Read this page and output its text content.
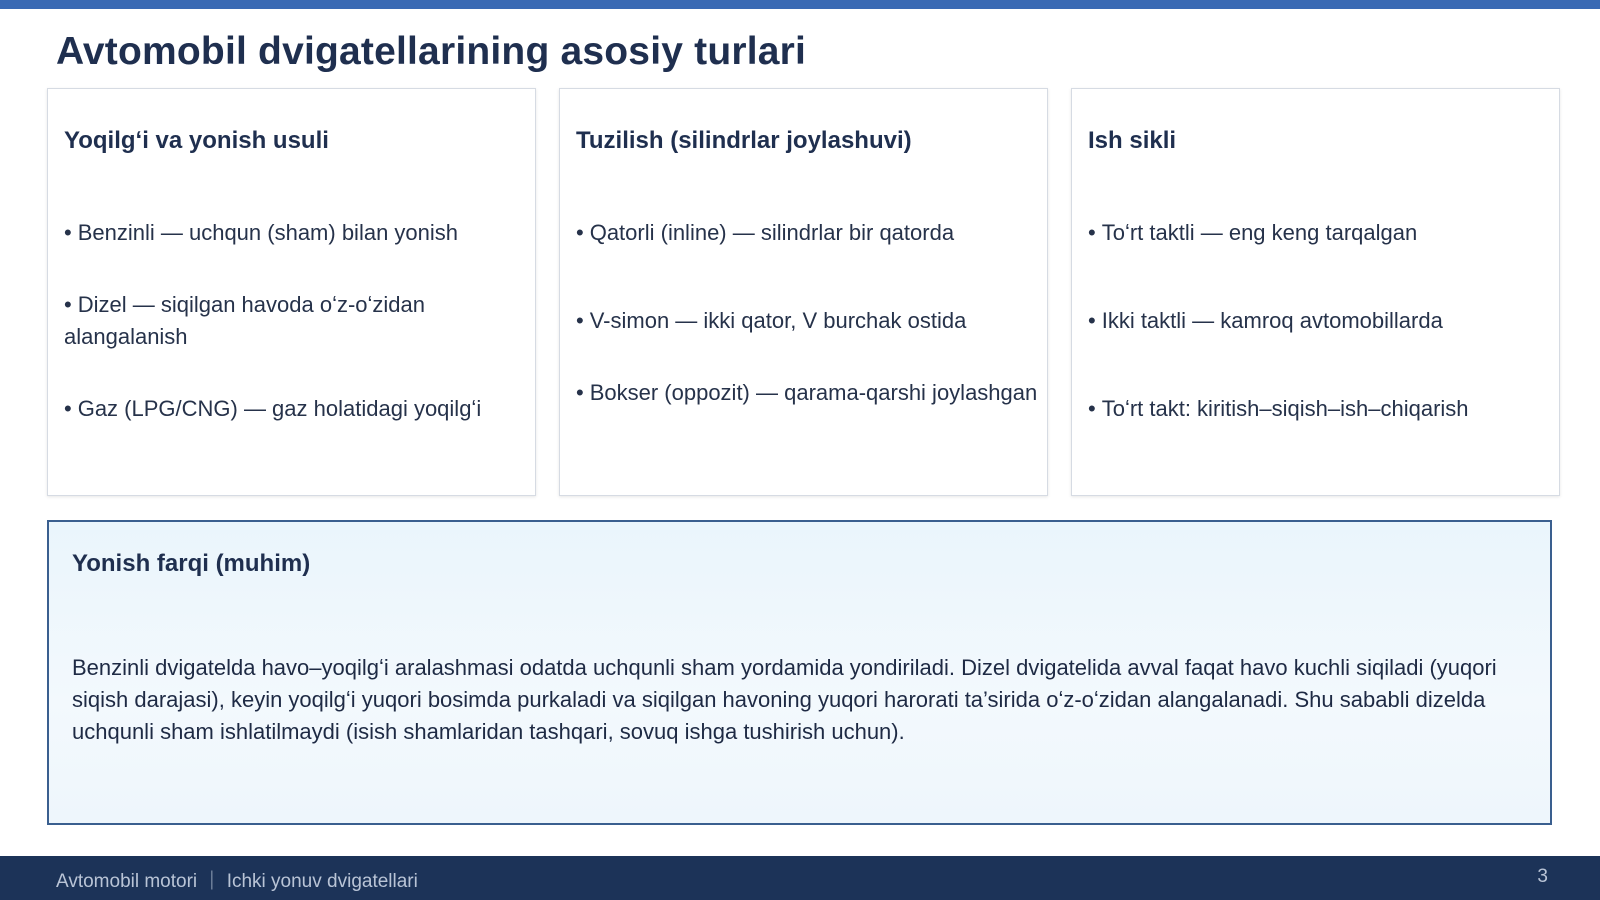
Avtomobil dvigatellarining asosiy turlari
Yoqilgʻi va yonish usuli
• Benzinli — uchqun (sham) bilan yonish
• Dizel — siqilgan havoda oʻz-oʻzidan alangalanish
• Gaz (LPG/CNG) — gaz holatidagi yoqilgʻi
Tuzilish (silindrlar joylashuvi)
• Qatorli (inline) — silindrlar bir qatorda
• V-simon — ikki qator, V burchak ostida
• Bokser (oppozit) — qarama-qarshi joylashgan
Ish sikli
• Toʻrt taktli — eng keng tarqalgan
• Ikki taktli — kamroq avtomobillarda
• Toʻrt takt: kiritish–siqish–ish–chiqarish
Yonish farqi (muhim)

Benzinli dvigatelda havo–yoqilgʻi aralashmasi odatda uchqunli sham yordamida yondiriladi. Dizel dvigatelida avval faqat havo kuchli siqiladi (yuqori siqish darajasi), keyin yoqilgʻi yuqori bosimda purkaladi va siqilgan havoning yuqori harorati ta’sirida oʻz-oʻzidan alangalanadi. Shu sababli dizelda uchqunli sham ishlatilmaydi (isish shamlaridan tashqari, sovuq ishga tushirish uchun).

Avtomobil motori ｜ Ichki yonuv dvigatellari	3
